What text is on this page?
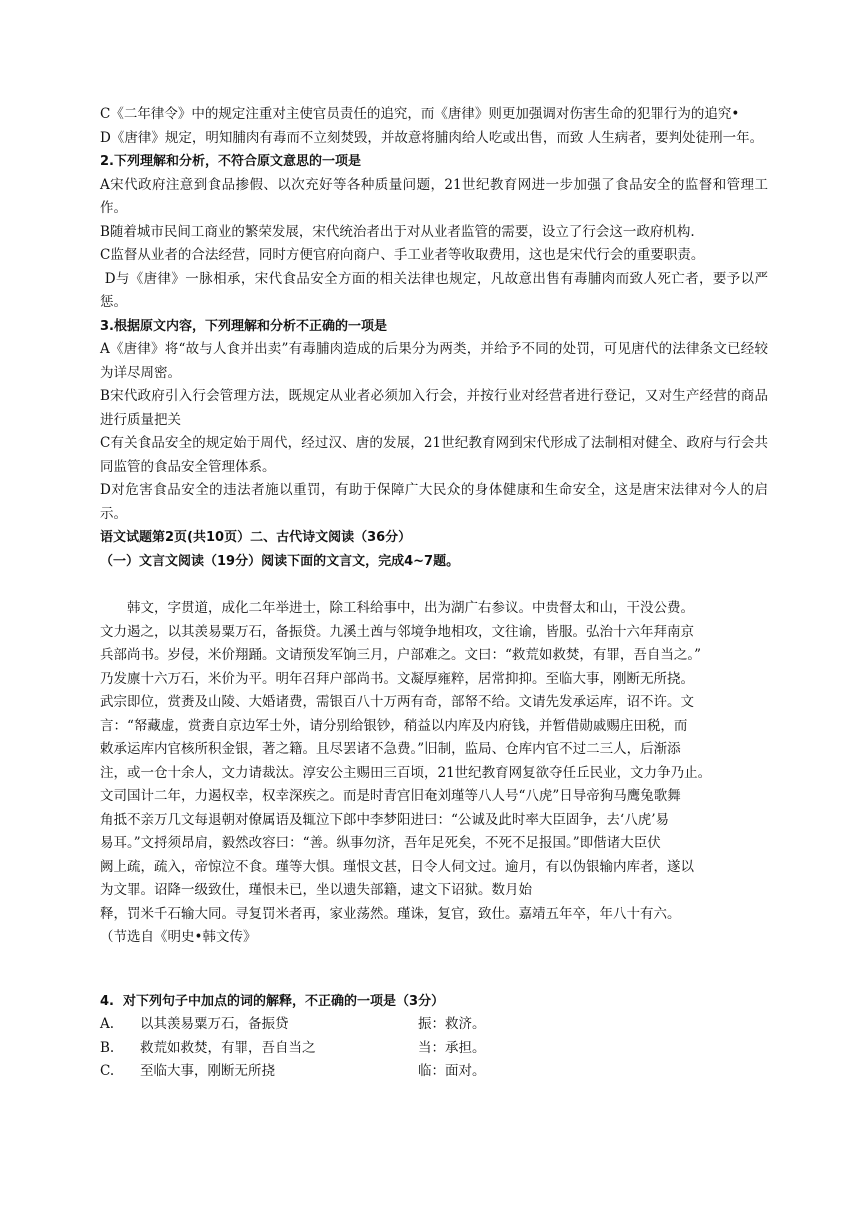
C《二年律令》中的规定注重对主使官员责任的追究，而《唐律》则更加强调对伤害生命的犯罪行为的追究•

D《唐律》规定，明知脯肉有毒而不立刻焚毁，并故意将脯肉给人吃或出售，而致 人生病者，要判处徒刑一年。

2.下列理解和分析，不符合原文意思的一项是

A宋代政府注意到食品掺假、以次充好等各种质量问题，21世纪教育网进一步加强了食品安全的监督和管理工作。

B随着城市民间工商业的繁荣发展，宋代统治者出于对从业者监管的需要，设立了行会这一政府机构.

C监督从业者的合法经营，同时方便官府向商户、手工业者等收取费用，这也是宋代行会的重要职责。

D与《唐律》一脉相承，宋代食品安全方面的相关法律也规定，凡故意出售有毒脯肉而致人死亡者，要予以严惩。

3.根据原文内容，下列理解和分析不正确的一项是

A《唐律》将“故与人食并出卖”有毒脯肉造成的后果分为两类，并给予不同的处罚，可见唐代的法律条文已经较为详尽周密。

B宋代政府引入行会管理方法，既规定从业者必须加入行会，并按行业对经营者进行登记，又对生产经营的商品进行质量把关

C有关食品安全的规定始于周代，经过汉、唐的发展，21世纪教育网到宋代形成了法制相对健全、政府与行会共同监管的食品安全管理体系。

D对危害食品安全的违法者施以重罚，有助于保障广大民众的身体健康和生命安全，这是唐宋法律对今人的启示。

语文试题第2页(共10页）二、古代诗文阅读（36分）

（一）文言文阅读（19分）阅读下面的文言文，完成4~7题。

韩文，字贯道，成化二年举进士，除工科给事中，出为湖广右参议。中贵督太和山，干没公费。

文力遏之，以其羡易粟万石，备振贷。九溪土酋与邻境争地相攻，文往谕，皆服。弘治十六年拜南京

兵部尚书。岁侵，米价翔踊。文请预发军饷三月，户部难之。文曰：“救荒如救焚，有罪，吾自当之。”

乃发廪十六万石，米价为平。明年召拜户部尚书。文凝厚雍粹，居常抑抑。至临大事，刚断无所挠。

武宗即位，赏赉及山陵、大婚诸费，需银百八十万两有奇，部帑不给。文请先发承运库，诏不许。文

言：“帑藏虚，赏赉自京边军士外，请分别给银钞，稍益以内库及内府钱，并暂借勋戚赐庄田税，而

敕承运库内官核所积金银，著之籍。且尽罢诸不急费。”旧制，监局、仓库内官不过二三人，后渐添

注，或一仓十余人，文力请裁汰。淳安公主赐田三百顷，21世纪教育网复欲夺任丘民业，文力争乃止。

文司国计二年，力遏权幸，权幸深疾之。而是时青宫旧奄刘瑾等八人号“八虎”日导帝狗马鹰兔歌舞

角抵不亲万几文每退朝对僚属语及辄泣下郎中李梦阳进曰：“公诚及此时率大臣固争，去‘八虎’易

易耳。”文捋须昂肩，毅然改容曰：“善。纵事勿济，吾年足死矣，不死不足报国。”即偕诸大臣伏

阙上疏，疏入，帝惊泣不食。瑾等大惧。瑾恨文甚，日令人伺文过。逾月，有以伪银输内库者，遂以

为文罪。诏降一级致仕，瑾恨未已，坐以遗失部籍，逮文下诏狱。数月始

释，罚米千石输大同。寻复罚米者再，家业荡然。瑾诛，复官，致仕。嘉靖五年卒，年八十有六。

（节选自《明史•韩文传》

4.  对下列句子中加点的词的解释，不正确的一项是（3分）

A.	以其羡易粟万石，备振贷	振：救济。
B.	救荒如救焚，有罪，吾自当之	当：承担。
C.	至临大事，刚断无所挠	临：面对。
